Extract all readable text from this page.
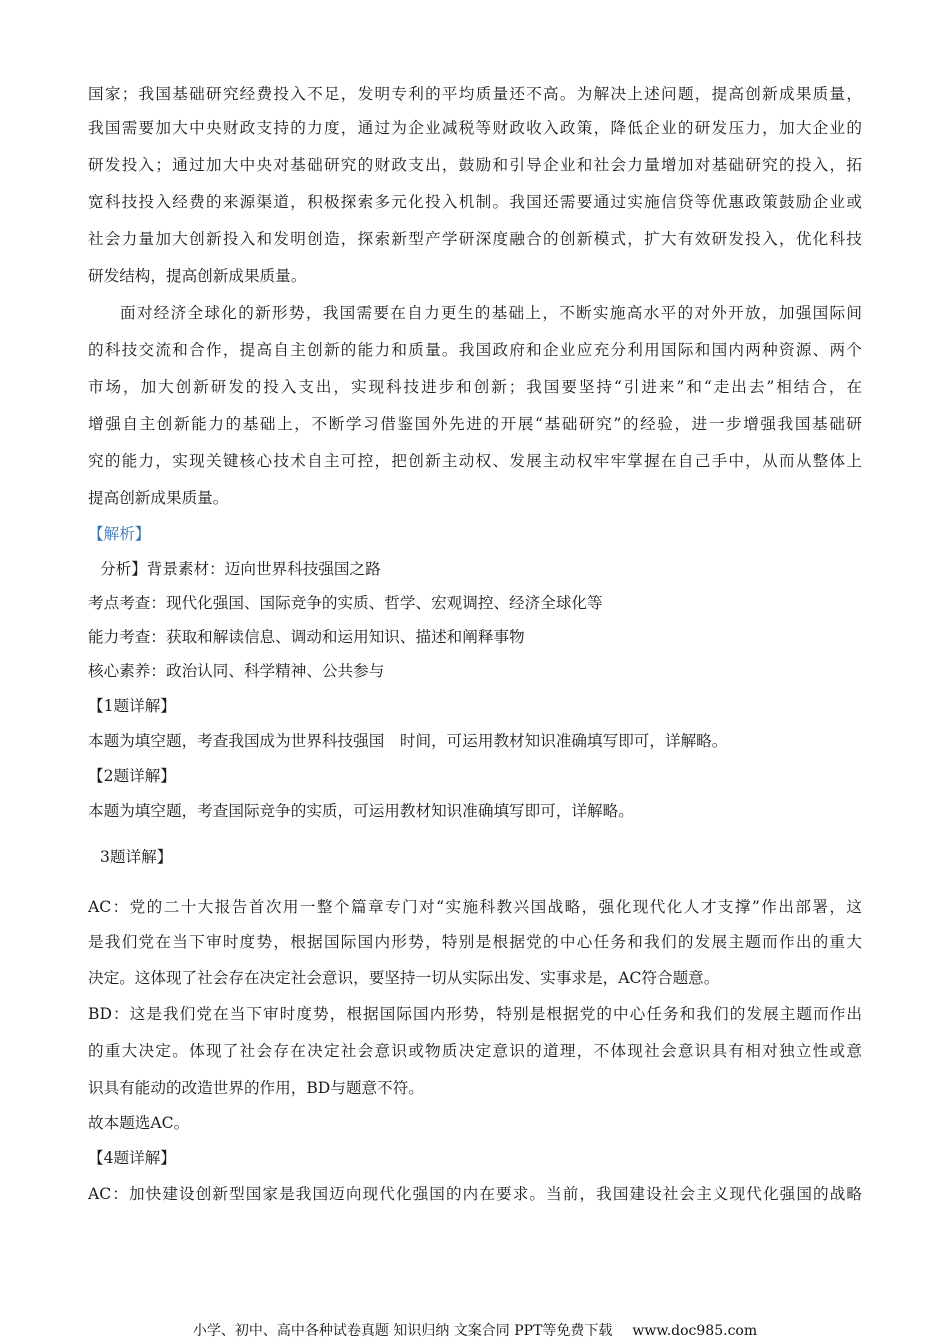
国家；我国基础研究经费投入不足，发明专利的平均质量还不高。为解决上述问题，提高创新成果质量，
我国需要加大中央财政支持的力度，通过为企业减税等财政收入政策，降低企业的研发压力，加大企业的
研发投入；通过加大中央对基础研究的财政支出，鼓励和引导企业和社会力量增加对基础研究的投入，拓
宽科技投入经费的来源渠道，积极探索多元化投入机制。我国还需要通过实施信贷等优惠政策鼓励企业或
社会力量加大创新投入和发明创造，探索新型产学研深度融合的创新模式，扩大有效研发投入，优化科技
研发结构，提高创新成果质量。
面对经济全球化的新形势，我国需要在自力更生的基础上，不断实施高水平的对外开放，加强国际间
的科技交流和合作，提高自主创新的能力和质量。我国政府和企业应充分利用国际和国内两种资源、两个
市场，加大创新研发的投入支出，实现科技进步和创新；我国要坚持“引进来”和“走出去”相结合，在
增强自主创新能力的基础上，不断学习借鉴国外先进的开展“基础研究”的经验，进一步增强我国基础研
究的能力，实现关键核心技术自主可控，把创新主动权、发展主动权牢牢掌握在自己手中，从而从整体上
提高创新成果质量。
【解析】
分析】背景素材：迈向世界科技强国之路
考点考查：现代化强国、国际竞争的实质、哲学、宏观调控、经济全球化等
能力考查：获取和解读信息、调动和运用知识、描述和阐释事物
核心素养：政治认同、科学精神、公共参与
【1题详解】
本题为填空题，考查我国成为世界科技强国　时间，可运用教材知识准确填写即可，详解略。
【2题详解】
本题为填空题，考查国际竞争的实质，可运用教材知识准确填写即可，详解略。
3题详解】
AC：党的二十大报告首次用一整个篇章专门对“实施科教兴国战略，强化现代化人才支撑”作出部署，这
是我们党在当下审时度势，根据国际国内形势，特别是根据党的中心任务和我们的发展主题而作出的重大
决定。这体现了社会存在决定社会意识，要坚持一切从实际出发、实事求是，AC符合题意。
BD：这是我们党在当下审时度势，根据国际国内形势，特别是根据党的中心任务和我们的发展主题而作出
的重大决定。体现了社会存在决定社会意识或物质决定意识的道理，不体现社会意识具有相对独立性或意
识具有能动的改造世界的作用，BD与题意不符。
故本题选AC。
【4题详解】
AC：加快建设创新型国家是我国迈向现代化强国的内在要求。当前，我国建设社会主义现代化强国的战略
小学、初中、高中各种试卷真题 知识归纳 文案合同 PPT等免费下载 www.doc985.com
